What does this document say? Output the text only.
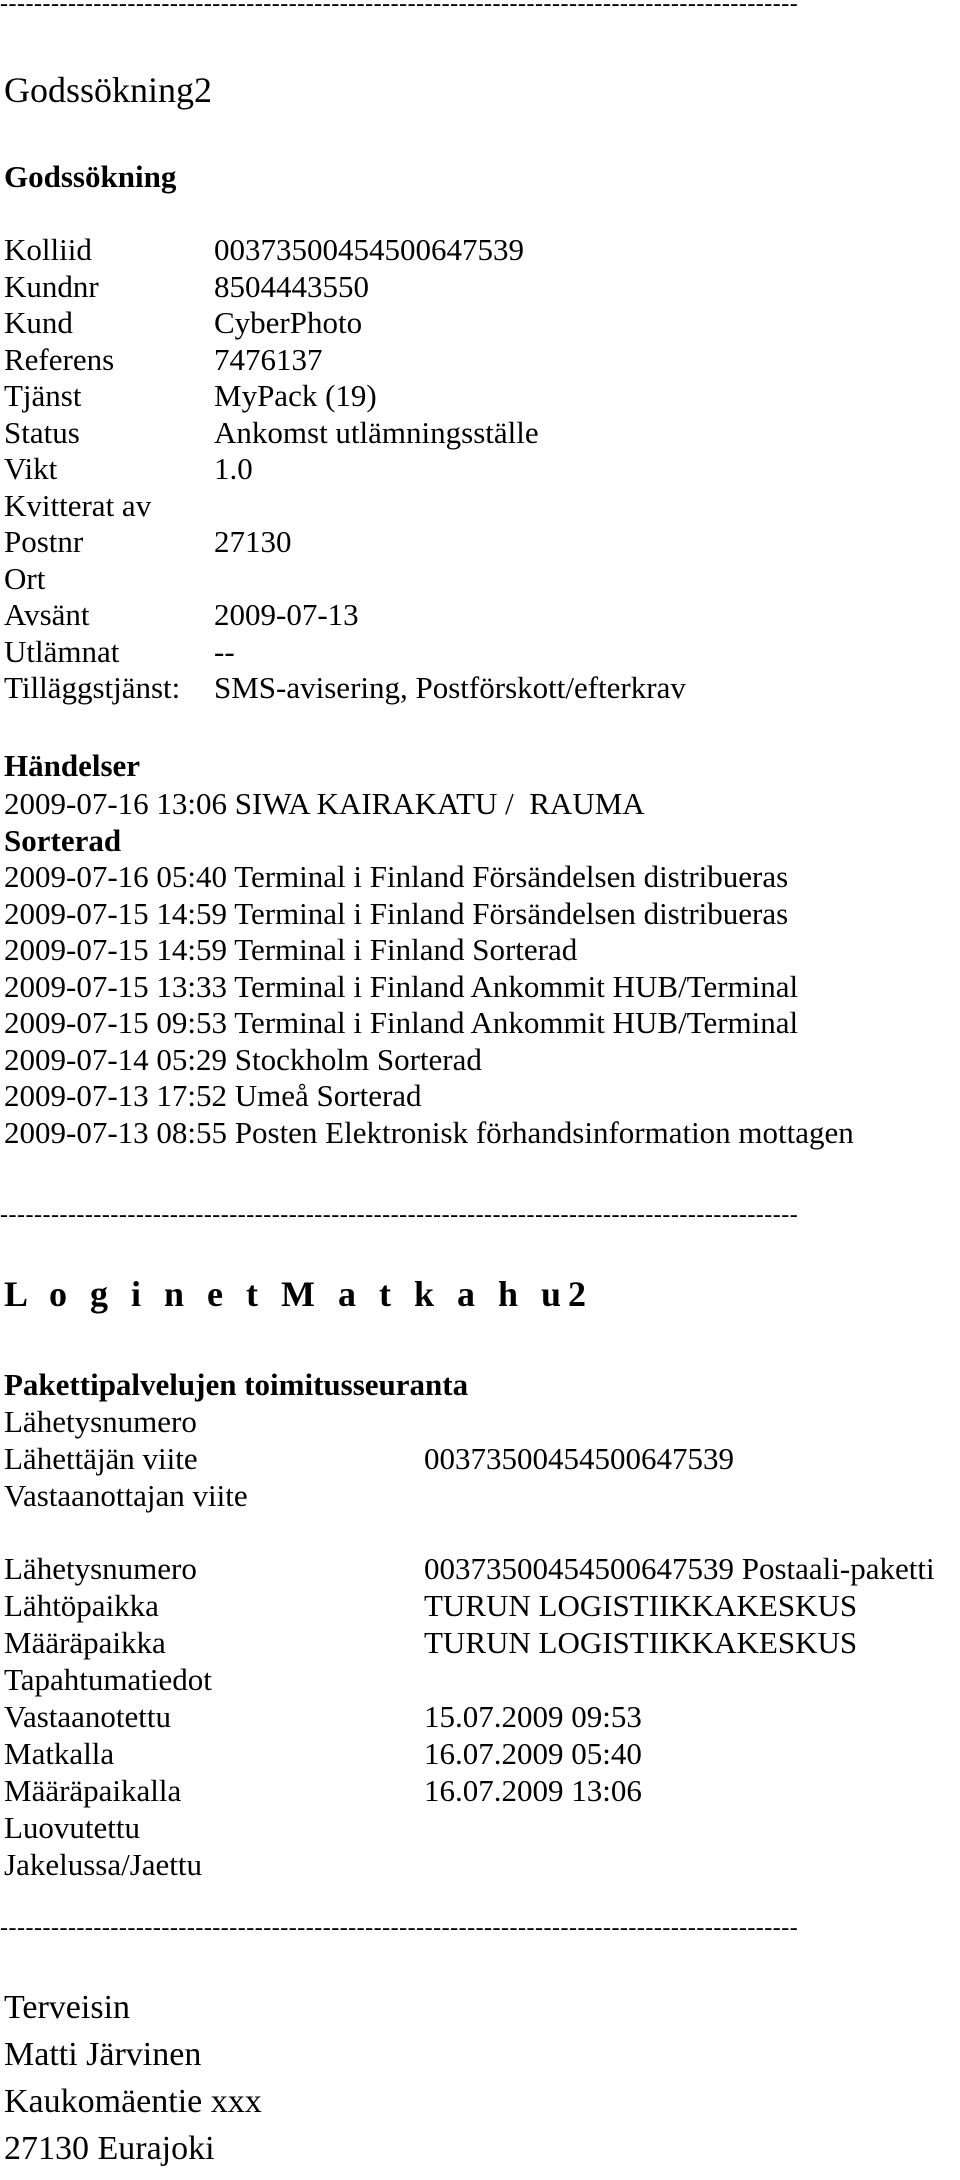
----------------------------------------------------------------------------------------------
Godssökning2
Godssökning
Kolliid	00373500454500647539
Kundnr	8504443550
Kund	CyberPhoto
Referens	7476137
Tjänst	MyPack (19)
Status	Ankomst utlämningsställe
Vikt	1.0
Kvitterat av
Postnr	27130
Ort
Avsänt	2009-07-13
Utlämnat	--
Tilläggstjänst: SMS-avisering, Postförskott/efterkrav
Händelser
2009-07-16 13:06 SIWA KAIRAKATU /  RAUMA
Sorterad
2009-07-16 05:40 Terminal i Finland Försändelsen distribueras
2009-07-15 14:59 Terminal i Finland Försändelsen distribueras
2009-07-15 14:59 Terminal i Finland Sorterad
2009-07-15 13:33 Terminal i Finland Ankommit HUB/Terminal
2009-07-15 09:53 Terminal i Finland Ankommit HUB/Terminal
2009-07-14 05:29 Stockholm Sorterad
2009-07-13 17:52 Umeå Sorterad
2009-07-13 08:55 Posten Elektronisk förhandsinformation mottagen
----------------------------------------------------------------------------------------------
L o g i n e t M a t k a h u2
Pakettipalvelujen toimitusseuranta
Lähetysnumero
Lähettäjän viite	00373500454500647539
Vastaanottajan viite
Lähetysnumero	00373500454500647539 Postaali-paketti
Lähtöpaikka	TURUN LOGISTIIKKAKESKUS
Määräpaikka	TURUN LOGISTIIKKAKESKUS
Tapahtumatiedot
Vastaanotettu	15.07.2009 09:53
Matkalla	16.07.2009 05:40
Määräpaikalla	16.07.2009 13:06
Luovutettu
Jakelussa/Jaettu
----------------------------------------------------------------------------------------------
Terveisin
Matti Järvinen
Kaukomäentie xxx
27130 Eurajoki
